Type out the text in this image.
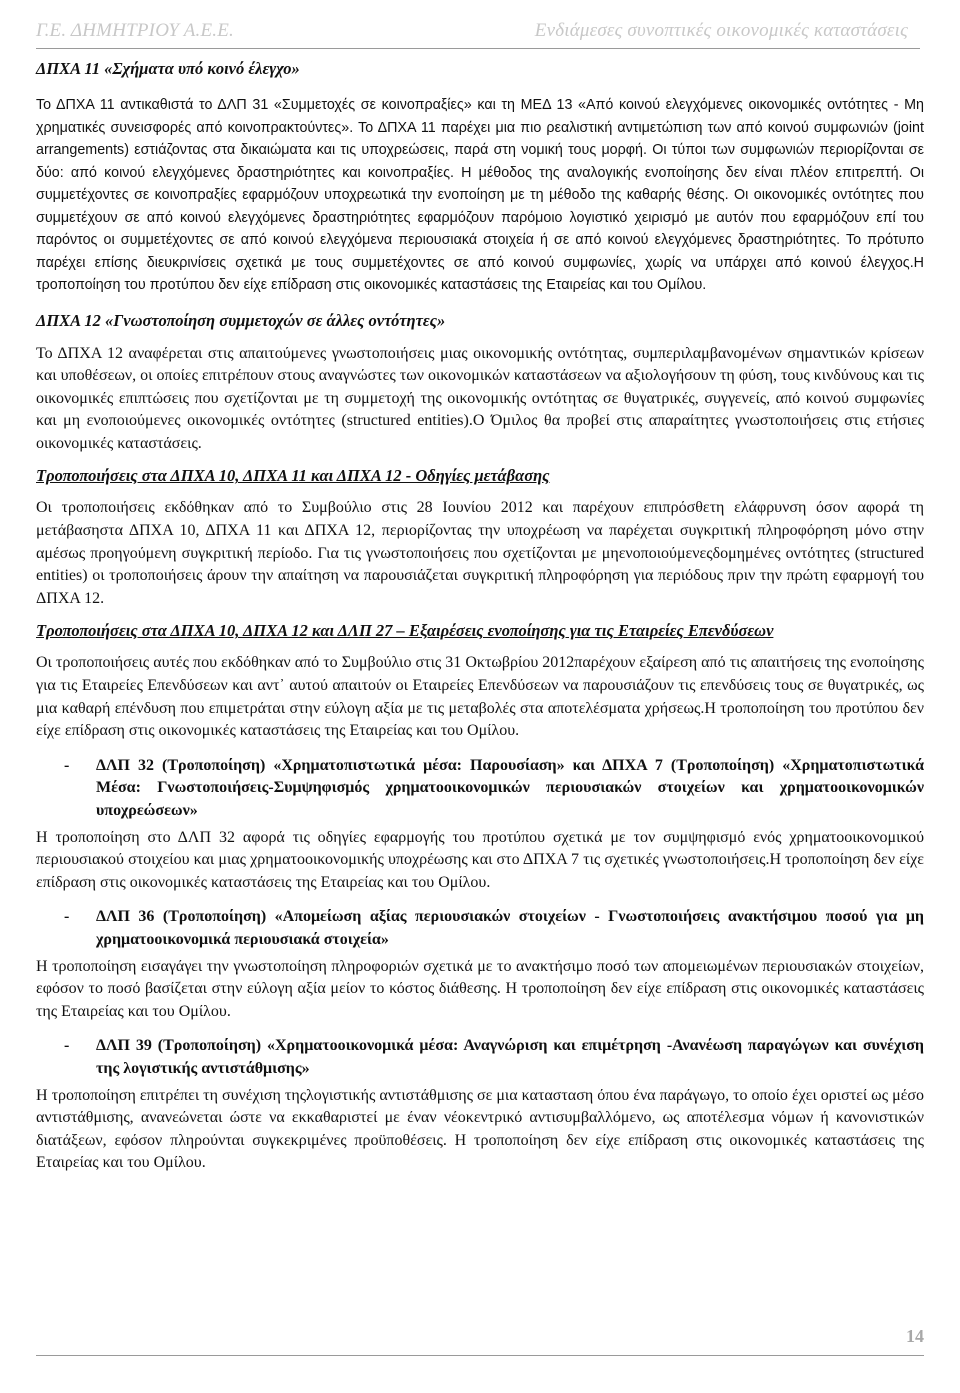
Γ.Ε. ΔΗΜΗΤΡΙΟΥ Α.Ε.Ε.	Ενδιάμεσες συνοπτικές οικονομικές καταστάσεις

ΔΠΧΑ 11 «Σχήματα υπό κοινό έλεγχο»

Το ΔΠΧΑ 11 αντικαθιστά το ΔΛΠ 31 «Συμμετοχές σε κοινοπραξίες» και τη ΜΕΔ 13 «Από κοινού ελεγχόμενες οικονομικές οντότητες - Μη χρηματικές συνεισφορές από κοινοπρακτούντες». Το ΔΠΧΑ 11 παρέχει μια πιο ρεαλιστική αντιμετώπιση των από κοινού συμφωνιών (joint arrangements) εστιάζοντας στα δικαιώματα και τις υποχρεώσεις, παρά στη νομική τους μορφή. Οι τύποι των συμφωνιών περιορίζονται σε δύο: από κοινού ελεγχόμενες δραστηριότητες και κοινοπραξίες. Η μέθοδος της αναλογικής ενοποίησης δεν είναι πλέον επιτρεπτή. Οι συμμετέχοντες σε κοινοπραξίες εφαρμόζουν υποχρεωτικά την ενοποίηση με τη μέθοδο της καθαρής θέσης. Οι οικονομικές οντότητες που συμμετέχουν σε από κοινού ελεγχόμενες δραστηριότητες εφαρμόζουν παρόμοιο λογιστικό χειρισμό με αυτόν που εφαρμόζουν επί του παρόντος οι συμμετέχοντες σε από κοινού ελεγχόμενα περιουσιακά στοιχεία ή σε από κοινού ελεγχόμενες δραστηριότητες. Το πρότυπο παρέχει επίσης διευκρινίσεις σχετικά με τους συμμετέχοντες σε από κοινού συμφωνίες, χωρίς να υπάρχει από κοινού έλεγχος.Η τροποποίηση του προτύπου δεν είχε επίδραση στις οικονομικές καταστάσεις της Εταιρείας και του Ομίλου.

ΔΠΧΑ 12 «Γνωστοποίηση συμμετοχών σε άλλες οντότητες»

Το ΔΠΧΑ 12 αναφέρεται στις απαιτούμενες γνωστοποιήσεις μιας οικονομικής οντότητας, συμπεριλαμβανομένων σημαντικών κρίσεων και υποθέσεων, οι οποίες επιτρέπουν στους αναγνώστες των οικονομικών καταστάσεων να αξιολογήσουν τη φύση, τους κινδύνους και τις οικονομικές επιπτώσεις που σχετίζονται με τη συμμετοχή της οικονομικής οντότητας σε θυγατρικές, συγγενείς, από κοινού συμφωνίες και μη ενοποιούμενες οικονομικές οντότητες (structured entities).Ο Όμιλος θα προβεί στις απαραίτητες γνωστοποιήσεις στις ετήσιες οικονομικές καταστάσεις.

Τροποποιήσεις στα ΔΠΧΑ 10, ΔΠΧΑ 11 και ΔΠΧΑ 12 - Οδηγίες μετάβασης

Οι τροποποιήσεις εκδόθηκαν από το Συμβούλιο στις 28 Ιουνίου 2012 και παρέχουν επιπρόσθετη ελάφρυνση όσον αφορά τη μετάβασηστα ΔΠΧΑ 10, ΔΠΧΑ 11 και ΔΠΧΑ 12, περιορίζοντας την υποχρέωση να παρέχεται συγκριτική πληροφόρηση μόνο στην αμέσως προηγούμενη συγκριτική περίοδο. Για τις γνωστοποιήσεις που σχετίζονται με μηενοποιούμενεςδομημένες οντότητες (structured entities) οι τροποποιήσεις άρουν την απαίτηση να παρουσιάζεται συγκριτική πληροφόρηση για περιόδους πριν την πρώτη εφαρμογή του ΔΠΧΑ 12.

Τροποποιήσεις στα ΔΠΧΑ 10, ΔΠΧΑ 12 και ΔΛΠ 27 – Εξαιρέσεις ενοποίησης για τις Εταιρείες Επενδύσεων

Οι τροποποιήσεις αυτές που εκδόθηκαν από το Συμβούλιο στις 31 Οκτωβρίου 2012παρέχουν εξαίρεση από τις απαιτήσεις της ενοποίησης για τις Εταιρείες Επενδύσεων και αντ᾽ αυτού απαιτούν οι Εταιρείες Επενδύσεων να παρουσιάζουν τις επενδύσεις τους σε θυγατρικές, ως μια καθαρή επένδυση που επιμετράται στην εύλογη αξία με τις μεταβολές στα αποτελέσματα χρήσεως.Η τροποποίηση του προτύπου δεν είχε επίδραση στις οικονομικές καταστάσεις της Εταιρείας και του Ομίλου.

-	ΔΛΠ 32 (Τροποποίηση) «Χρηματοπιστωτικά μέσα: Παρουσίαση» και ΔΠΧΑ 7 (Τροποποίηση) «Χρηματοπιστωτικά Μέσα: Γνωστοποιήσεις-Συμψηφισμός χρηματοοικονομικών περιουσιακών στοιχείων και χρηματοοικονομικών υποχρεώσεων»

Η τροποποίηση στο ΔΛΠ 32 αφορά τις οδηγίες εφαρμογής του προτύπου σχετικά με τον συμψηφισμό ενός χρηματοοικονομικού περιουσιακού στοιχείου και μιας χρηματοοικονομικής υποχρέωσης και στο ΔΠΧΑ 7 τις σχετικές γνωστοποιήσεις.Η τροποποίηση δεν είχε επίδραση στις οικονομικές καταστάσεις της Εταιρείας και του Ομίλου.

-	ΔΛΠ 36 (Τροποποίηση) «Απομείωση αξίας περιουσιακών στοιχείων - Γνωστοποιήσεις ανακτήσιμου ποσού για μη χρηματοοικονομικά περιουσιακά στοιχεία»

Η τροποποίηση εισαγάγει την γνωστοποίηση πληροφοριών σχετικά με το ανακτήσιμο ποσό των απομειωμένων περιουσιακών στοιχείων, εφόσον το ποσό βασίζεται στην εύλογη αξία μείον το κόστος διάθεσης. Η τροποποίηση δεν είχε επίδραση στις οικονομικές καταστάσεις της Εταιρείας και του Ομίλου.

-	ΔΛΠ 39 (Τροποποίηση) «Χρηματοοικονομικά μέσα: Αναγνώριση και επιμέτρηση -Ανανέωση παραγώγων και συνέχιση της λογιστικής αντιστάθμισης»

Η τροποποίηση επιτρέπει τη συνέχιση τηςλογιστικής αντιστάθμισης σε μια κατασταση όπου ένα παράγωγο, το οποίο έχει οριστεί ως μέσο αντιστάθμισης, ανανεώνεται ώστε να εκκαθαριστεί με έναν νέοκεντρικό αντισυμβαλλόμενο, ως αποτέλεσμα νόμων ή κανονιστικών διατάξεων, εφόσον πληρούνται συγκεκριμένες προϋποθέσεις. Η τροποποίηση δεν είχε επίδραση στις οικονομικές καταστάσεις της Εταιρείας και του Ομίλου.

14
